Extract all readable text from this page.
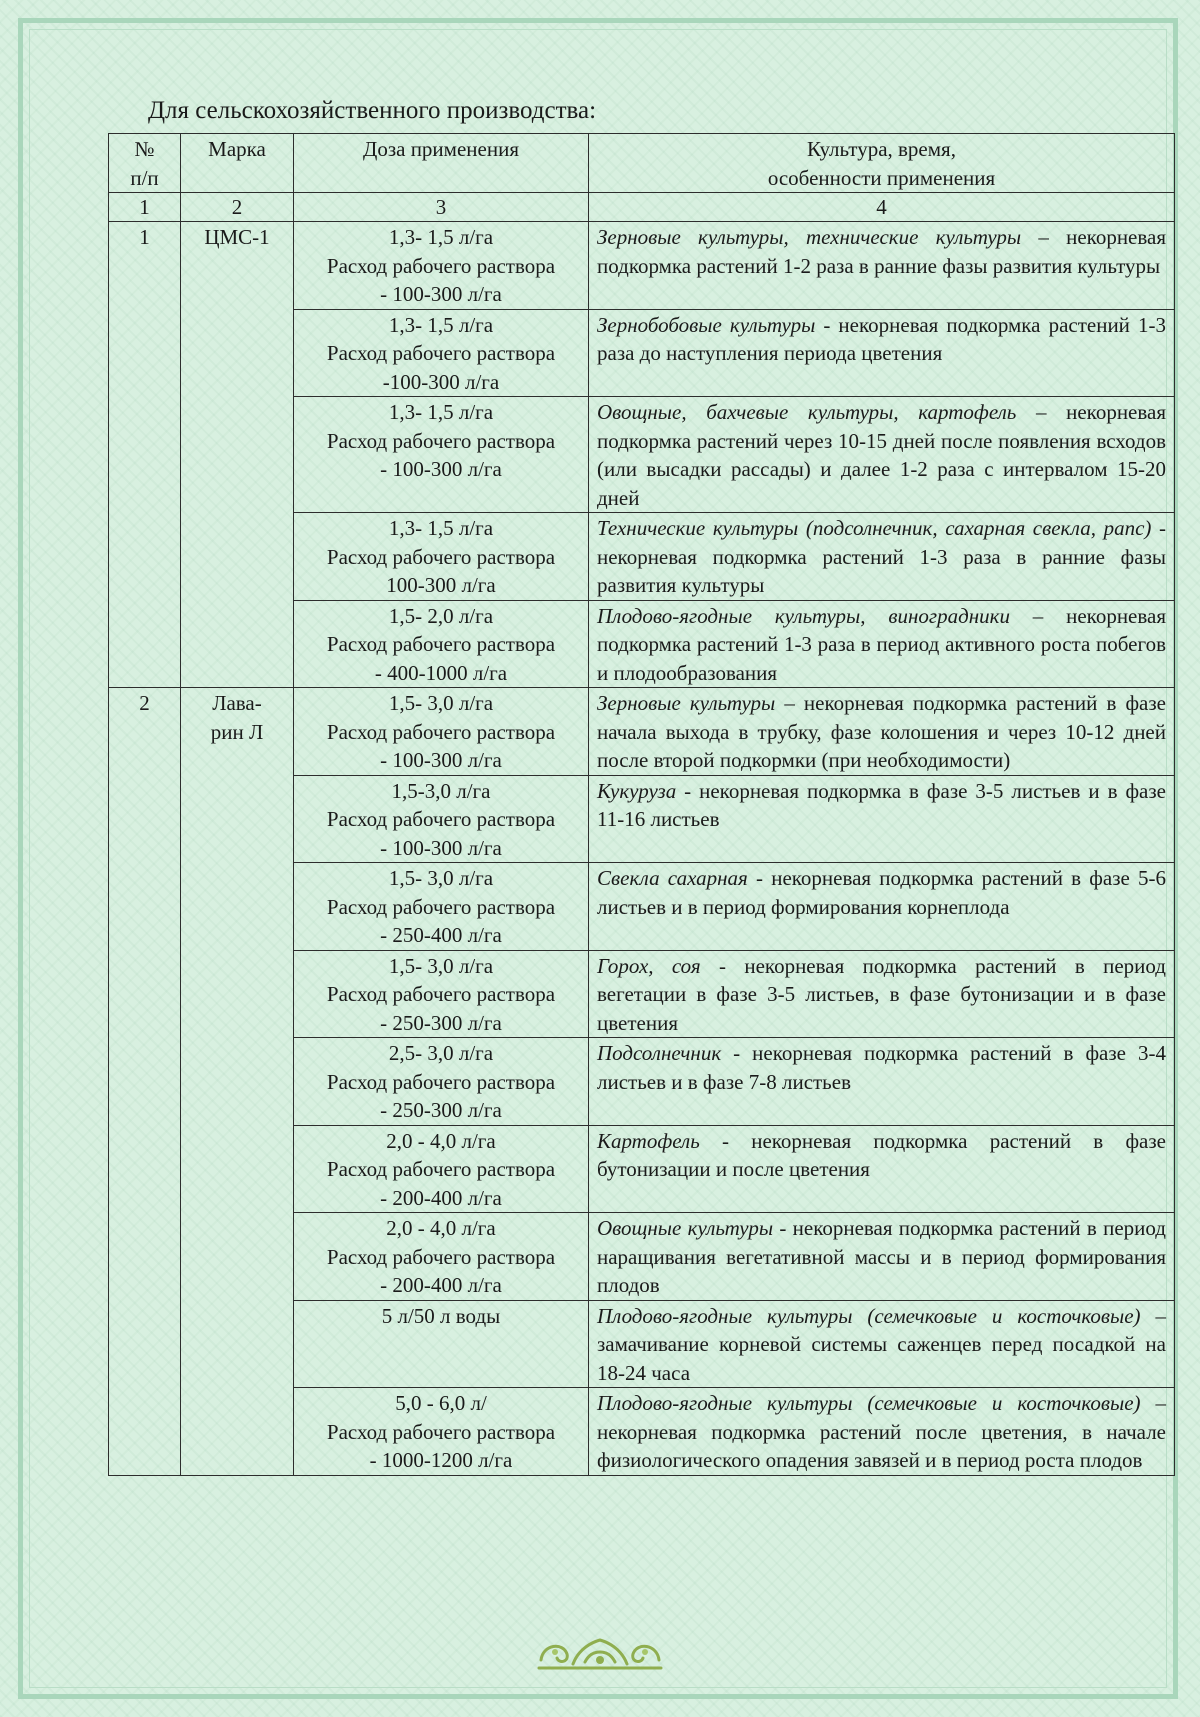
Для сельскохозяйственного производства:
№
п/п	Марка	Доза применения	Культура, время,
особенности применения
1	2	3	4
1	ЦМС-1	1,3- 1,5 л/га
Расход рабочего раствора
- 100-300 л/га	Зерновые культуры, технические культуры – некорневая подкормка растений 1-2 раза в ранние фазы развития культуры
		1,3- 1,5 л/га
Расход рабочего раствора
-100-300 л/га	Зернобобовые культуры - некорневая подкормка растений 1-3 раза до наступления периода цветения
		1,3- 1,5 л/га
Расход рабочего раствора
- 100-300 л/га	Овощные, бахчевые культуры, картофель – некорневая подкормка растений через 10-15 дней после появления всходов (или высадки рассады) и далее 1-2 раза с интервалом 15-20 дней
		1,3- 1,5 л/га
Расход рабочего раствора
100-300 л/га	Технические культуры (подсолнечник, сахарная свекла, рапс) - некорневая подкормка растений 1-3 раза в ранние фазы развития культуры
		1,5- 2,0 л/га
Расход рабочего раствора
- 400-1000 л/га	Плодово-ягодные культуры, виноградники – некорневая подкормка растений 1-3 раза в период активного роста побегов и плодообразования
2	Лава-
рин Л	1,5- 3,0 л/га
Расход рабочего раствора
- 100-300 л/га	Зерновые культуры – некорневая подкормка растений в фазе начала выхода в трубку, фазе колошения и через 10-12 дней после второй подкормки (при необходимости)
		1,5-3,0 л/га
Расход рабочего раствора
- 100-300 л/га	Кукуруза - некорневая подкормка в фазе 3-5 листьев и в фазе 11-16 листьев
		1,5- 3,0 л/га
Расход рабочего раствора
- 250-400 л/га	Свекла сахарная - некорневая подкормка растений в фазе 5-6 листьев и в период формирования корнеплода
		1,5- 3,0 л/га
Расход рабочего раствора
- 250-300 л/га	Горох, соя - некорневая подкормка растений в период вегетации в фазе 3-5 листьев, в фазе бутонизации и в фазе цветения
		2,5- 3,0 л/га
Расход рабочего раствора
- 250-300 л/га	Подсолнечник - некорневая подкормка растений в фазе 3-4 листьев и в фазе 7-8 листьев
		2,0 - 4,0 л/га
Расход рабочего раствора
- 200-400 л/га	Картофель - некорневая подкормка растений в фазе бутонизации и после цветения
		2,0 - 4,0 л/га
Расход рабочего раствора
- 200-400 л/га	Овощные культуры - некорневая подкормка растений в период наращивания вегетативной массы и в период формирования плодов
		5 л/50 л воды	Плодово-ягодные культуры (семечковые и косточковые) – замачивание корневой системы саженцев перед посадкой на 18-24 часа
		5,0 - 6,0 л/
Расход рабочего раствора
- 1000-1200 л/га	Плодово-ягодные культуры (семечковые и косточковые) – некорневая подкормка растений после цветения, в начале физиологического опадения завязей и в период роста плодов
